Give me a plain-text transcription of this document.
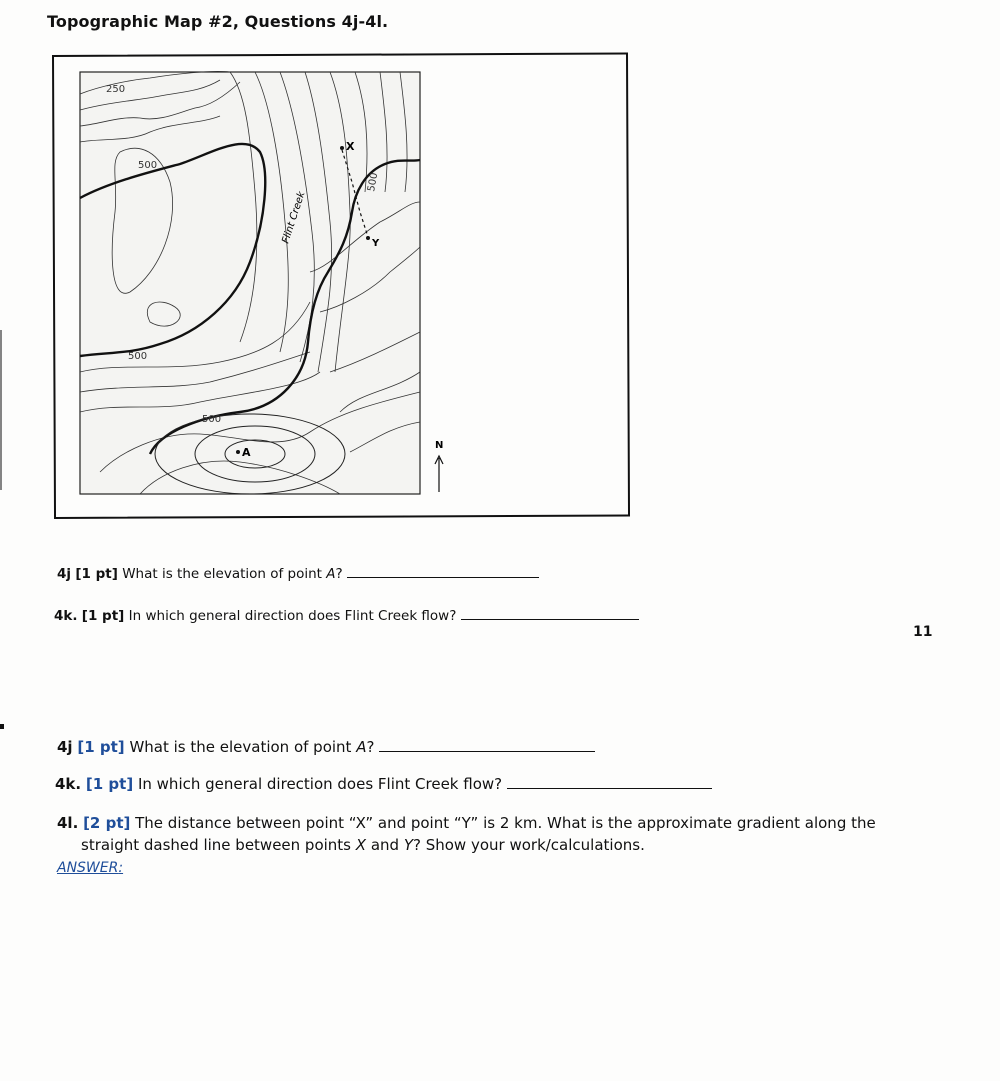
Topographic Map #2, Questions 4j-4l.
X
Y
A
Flint Creek
250
500
500
500
500
N
4j [1 pt] What is the elevation of point A?
4k. [1 pt] In which general direction does Flint Creek flow?
11
4j [1 pt] What is the elevation of point A?
4k. [1 pt] In which general direction does Flint Creek flow?
4l. [2 pt] The distance between point “X” and point “Y” is 2 km. What is the approximate gradient along the
straight dashed line between points X and Y? Show your work/calculations.
ANSWER:
